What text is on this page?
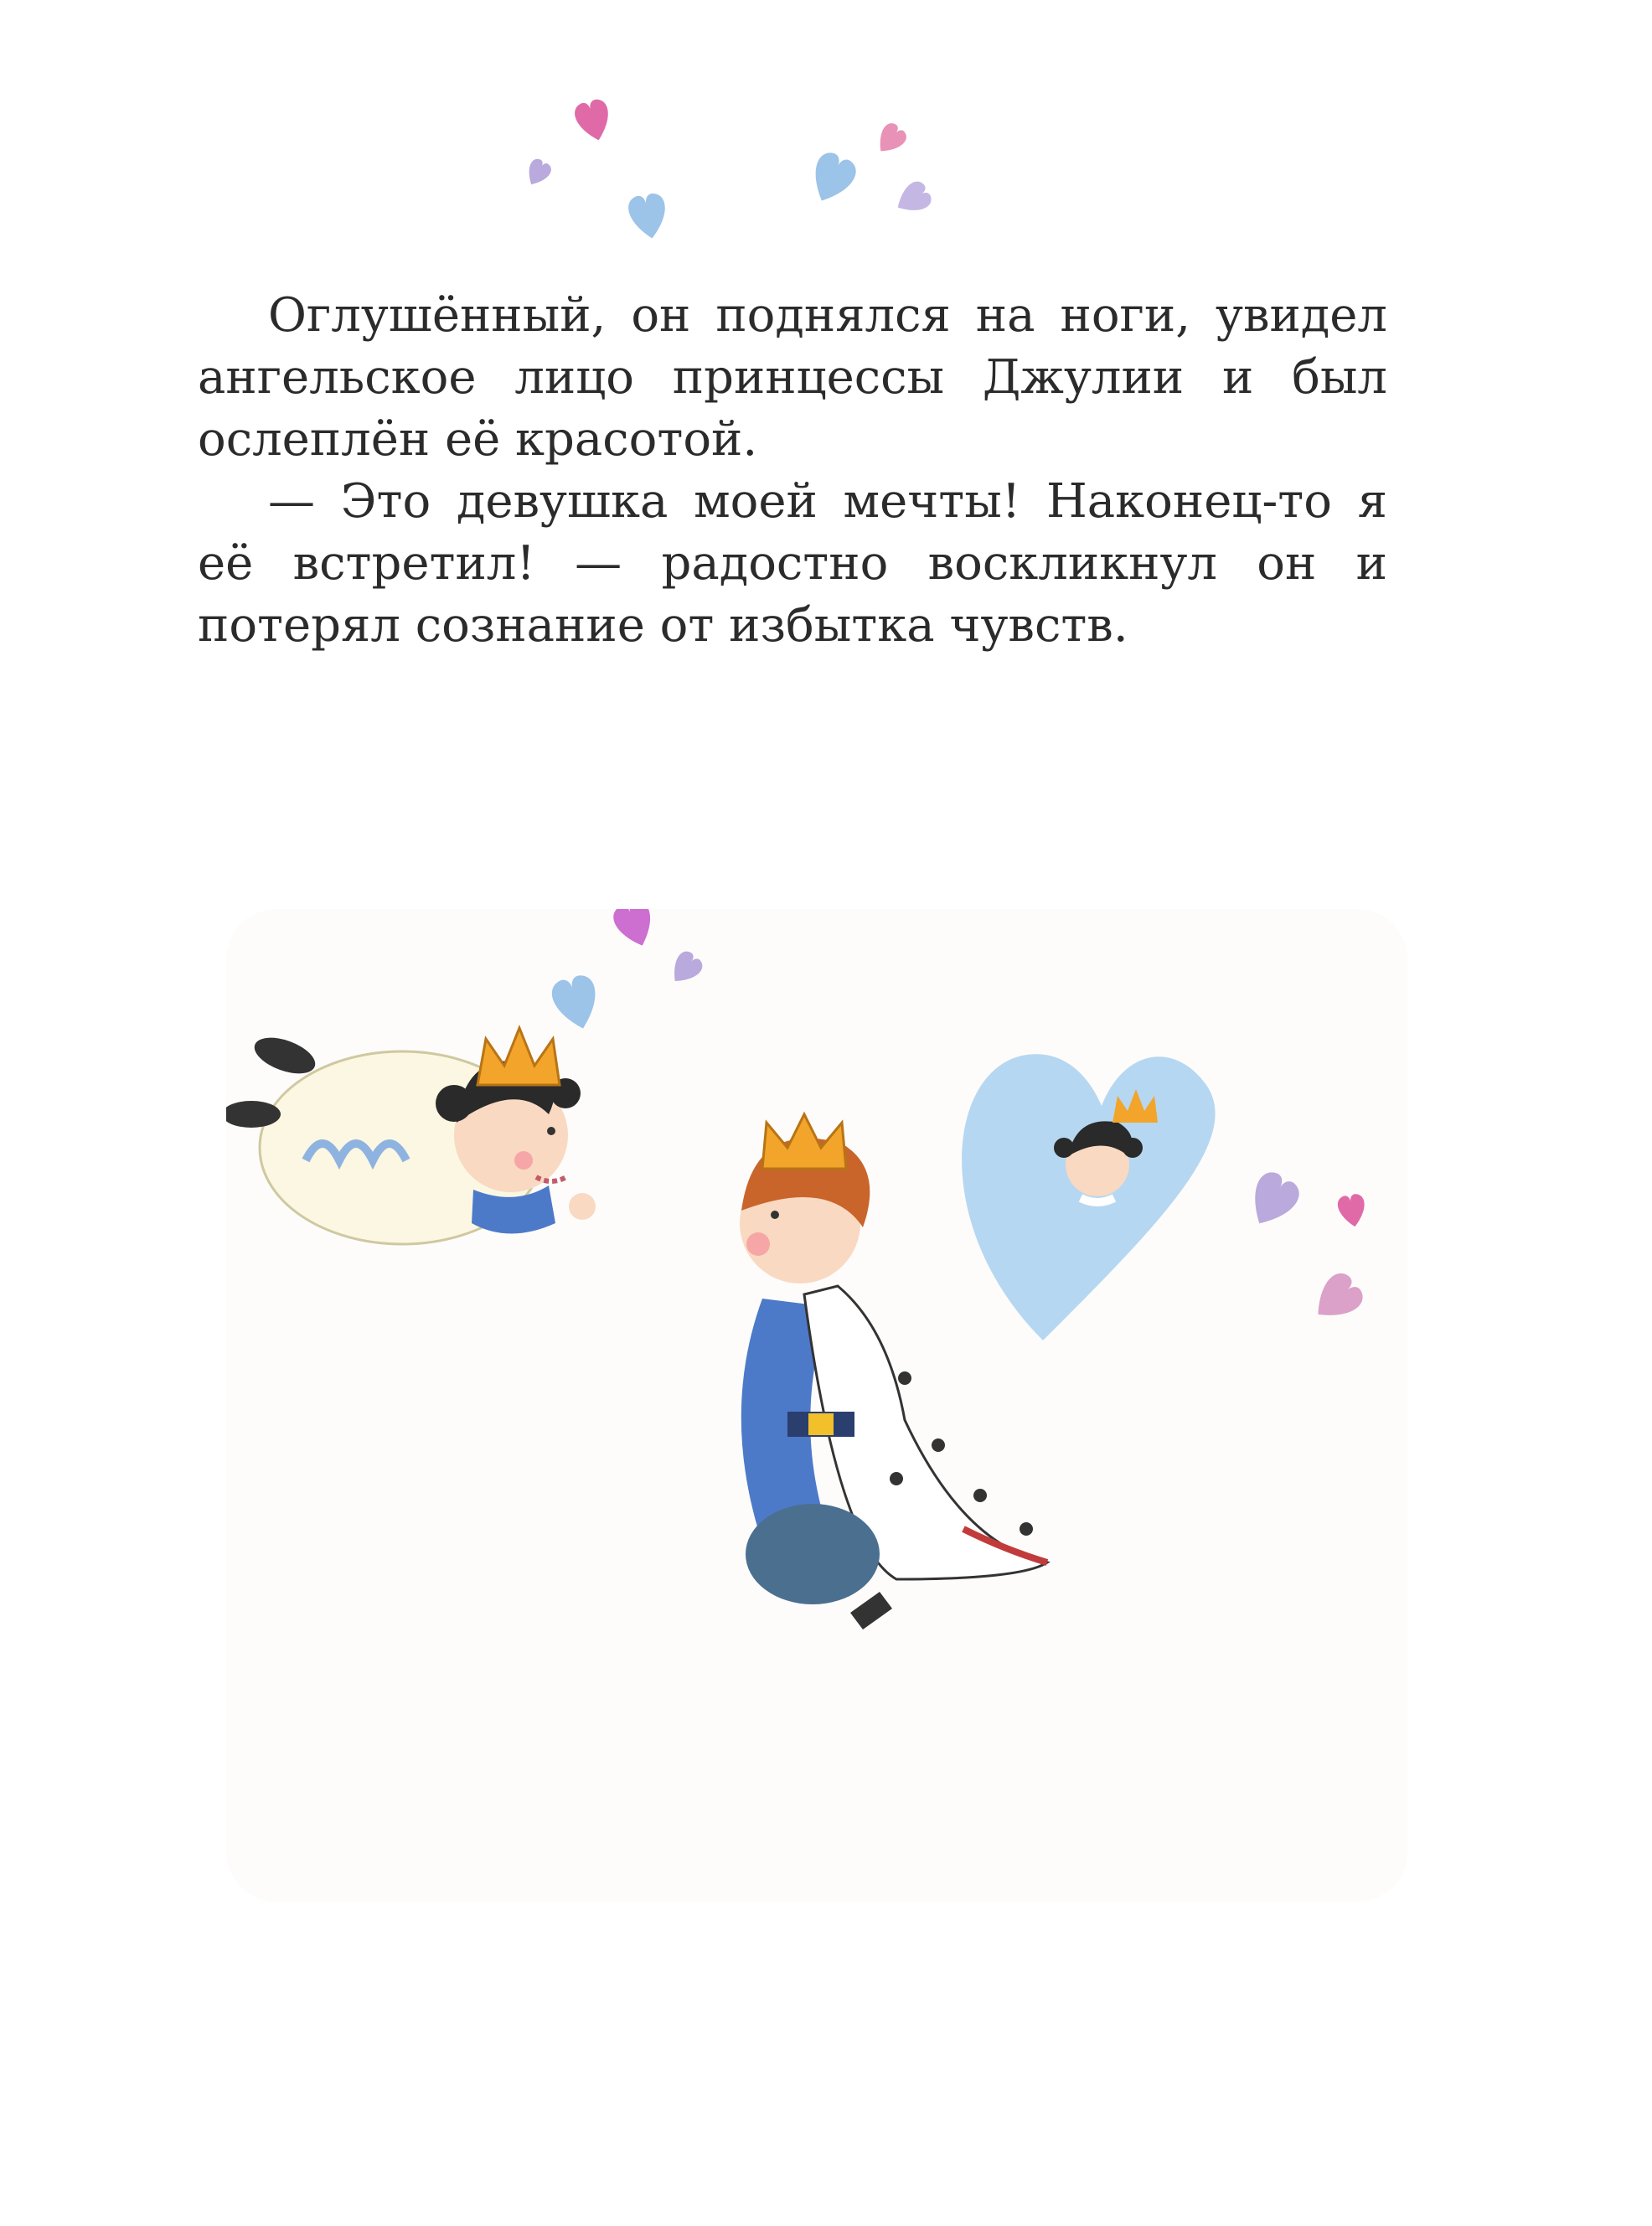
Оглушённый, он поднялся на ноги, увидел ангельское лицо принцессы Джулии и был ослеплён её красотой.

— Это девушка моей мечты! Наконец-то я её встретил! — радостно воскликнул он и потерял сознание от избытка чувств.
